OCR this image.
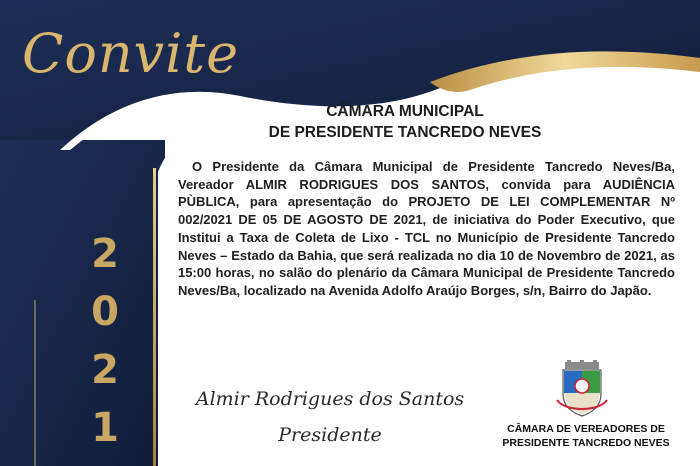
Convite
2
0
2
1
CÂMARA MUNICIPAL
DE PRESIDENTE TANCREDO NEVES

O Presidente da Câmara Municipal de Presidente Tancredo Neves/Ba, Vereador ALMIR RODRIGUES DOS SANTOS, convida para AUDIÊNCIA PÙBLICA, para apresentação do PROJETO DE LEI COMPLEMENTAR Nº 002/2021 DE 05 DE AGOSTO DE 2021, de iniciativa do Poder Executivo, que Institui a Taxa de Coleta de Lixo - TCL no Município de Presidente Tancredo Neves – Estado da Bahia, que será realizada no dia 10 de Novembro de 2021, as 15:00 horas, no salão do plenário da Câmara Municipal de Presidente Tancredo Neves/Ba, localizado na Avenida Adolfo Araújo Borges, s/n, Bairro do Japão.

Almir Rodrigues dos Santos
Presidente	CÂMARA DE VEREADORES DE
PRESIDENTE TANCREDO NEVES
